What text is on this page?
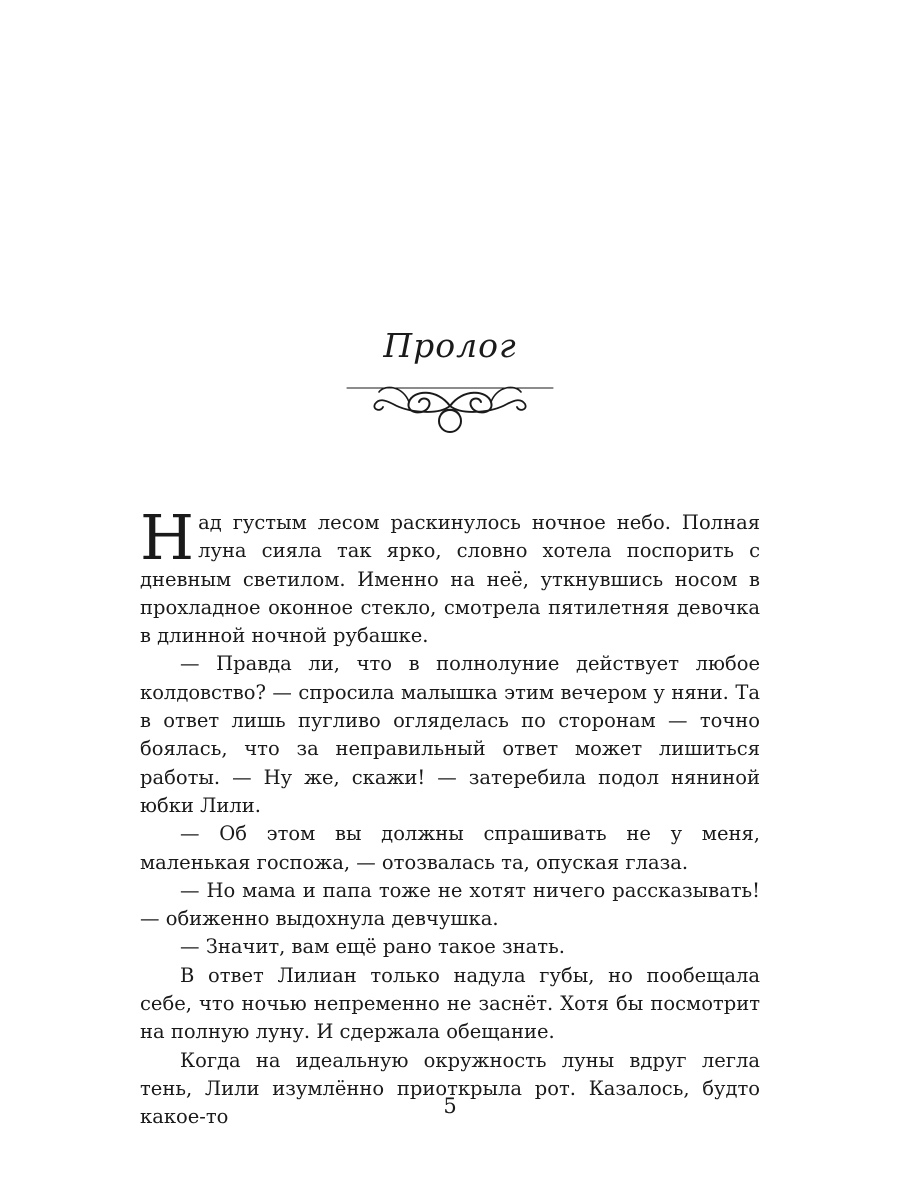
Пролог

Над густым лесом раскинулось ночное небо. Полная луна сияла так ярко, словно хотела поспорить с дневным светилом. Именно на неё, уткнувшись носом в прохладное оконное стекло, смотрела пятилетняя девочка в длинной ночной рубашке.

— Правда ли, что в полнолуние действует любое колдовство? — спросила малышка этим вечером у няни. Та в ответ лишь пугливо огляделась по сторонам — точно боялась, что за неправильный ответ может лишиться работы. — Ну же, скажи! — затеребила подол няниной юбки Лили.

— Об этом вы должны спрашивать не у меня, маленькая госпожа, — отозвалась та, опуская глаза.

— Но мама и папа тоже не хотят ничего рассказывать! — обиженно выдохнула девчушка.

— Значит, вам ещё рано такое знать.

В ответ Лилиан только надула губы, но пообещала себе, что ночью непременно не заснёт. Хотя бы посмотрит на полную луну. И сдержала обещание.

Когда на идеальную окружность луны вдруг легла тень, Лили изумлённо приоткрыла рот. Казалось, будто какое-то	5
